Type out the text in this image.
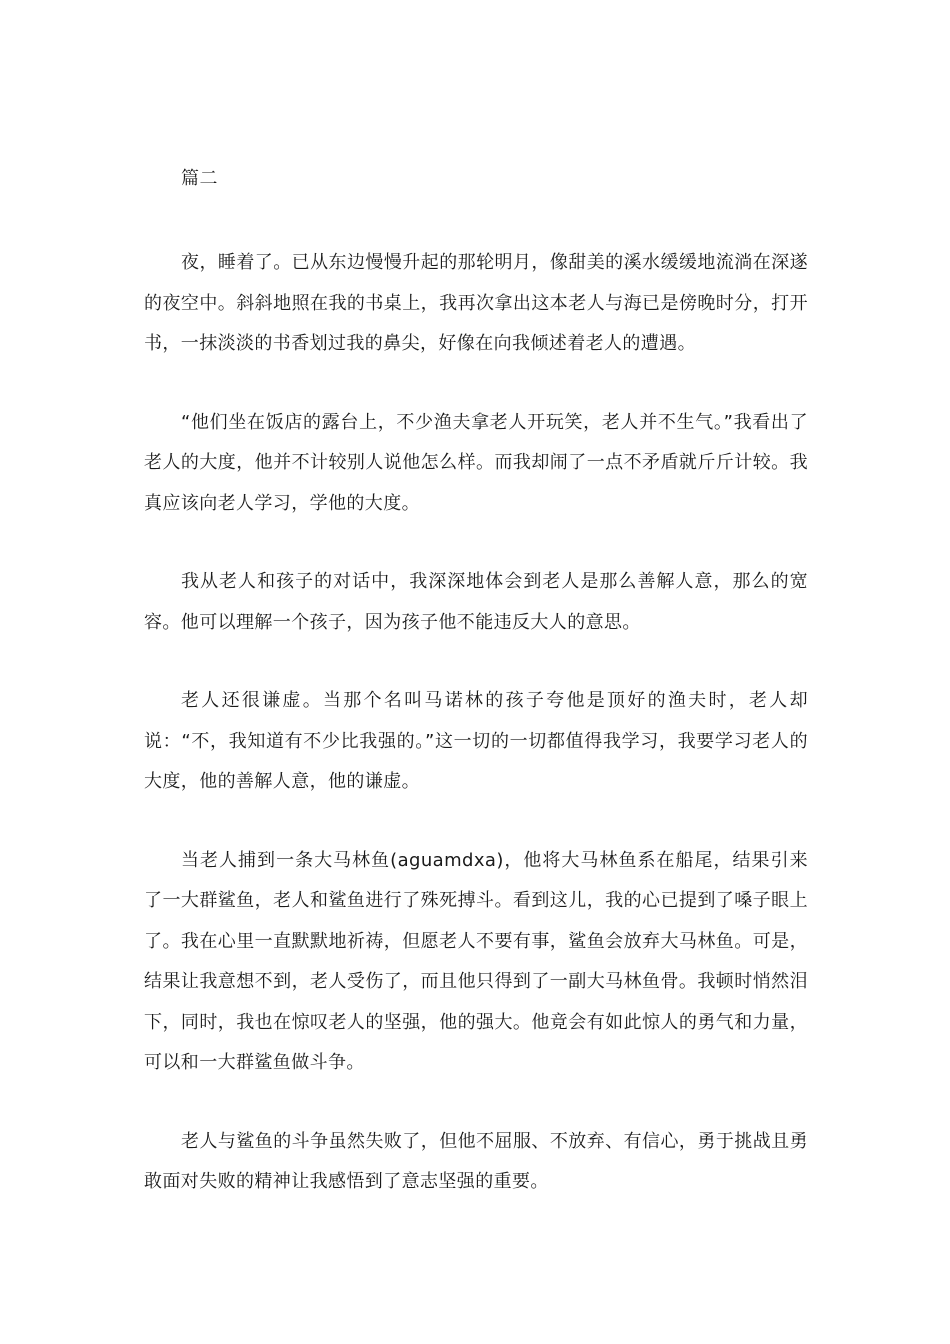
篇二

夜，睡着了。已从东边慢慢升起的那轮明月，像甜美的溪水缓缓地流淌在深遂的夜空中。斜斜地照在我的书桌上，我再次拿出这本老人与海已是傍晚时分，打开书，一抹淡淡的书香划过我的鼻尖，好像在向我倾述着老人的遭遇。

“他们坐在饭店的露台上，不少渔夫拿老人开玩笑，老人并不生气。”我看出了老人的大度，他并不计较别人说他怎么样。而我却闹了一点不矛盾就斤斤计较。我真应该向老人学习，学他的大度。

我从老人和孩子的对话中，我深深地体会到老人是那么善解人意，那么的宽容。他可以理解一个孩子，因为孩子他不能违反大人的意思。

老人还很谦虚。当那个名叫马诺林的孩子夸他是顶好的渔夫时，老人却说：“不，我知道有不少比我强的。”这一切的一切都值得我学习，我要学习老人的大度，他的善解人意，他的谦虚。

当老人捕到一条大马林鱼(aguamdxa)，他将大马林鱼系在船尾，结果引来了一大群鲨鱼，老人和鲨鱼进行了殊死搏斗。看到这儿，我的心已提到了嗓子眼上了。我在心里一直默默地祈祷，但愿老人不要有事，鲨鱼会放弃大马林鱼。可是，结果让我意想不到，老人受伤了，而且他只得到了一副大马林鱼骨。我顿时悄然泪下，同时，我也在惊叹老人的坚强，他的强大。他竟会有如此惊人的勇气和力量，可以和一大群鲨鱼做斗争。

老人与鲨鱼的斗争虽然失败了，但他不屈服、不放弃、有信心，勇于挑战且勇敢面对失败的精神让我感悟到了意志坚强的重要。
